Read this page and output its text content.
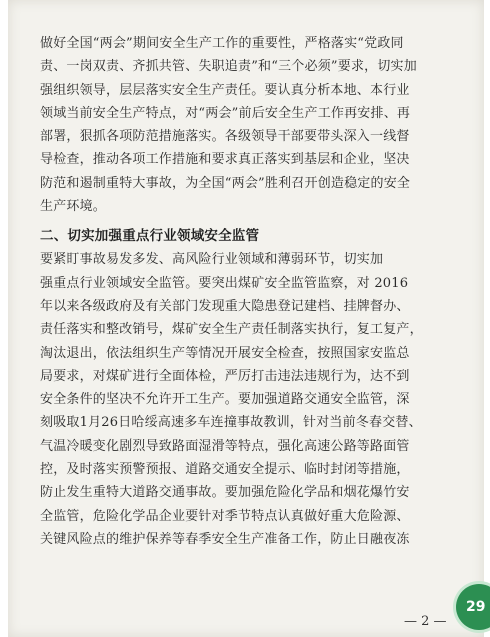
做好全国“两会”期间安全生产工作的重要性，严格落实“党政同
责、一岗双责、齐抓共管、失职追责”和“三个必须”要求，切实加
强组织领导，层层落实安全生产责任。要认真分析本地、本行业
领域当前安全生产特点，对“两会”前后安全生产工作再安排、再
部署，狠抓各项防范措施落实。各级领导干部要带头深入一线督
导检查，推动各项工作措施和要求真正落实到基层和企业，坚决
防范和遏制重特大事故，为全国“两会”胜利召开创造稳定的安全
生产环境。
二、切实加强重点行业领域安全监管
要紧盯事故易发多发、高风险行业领域和薄弱环节，切实加
强重点行业领域安全监管。要突出煤矿安全监管监察，对 2016
年以来各级政府及有关部门发现重大隐患登记建档、挂牌督办、
责任落实和整改销号，煤矿安全生产责任制落实执行，复工复产，
淘汰退出，依法组织生产等情况开展安全检查，按照国家安监总
局要求，对煤矿进行全面体检，严厉打击违法违规行为，达不到
安全条件的坚决不允许开工生产。要加强道路交通安全监管，深
刻吸取1月26日哈绥高速多车连撞事故教训，针对当前冬春交替、
气温冷暖变化剧烈导致路面湿滑等特点，强化高速公路等路面管
控，及时落实预警预报、道路交通安全提示、临时封闭等措施，
防止发生重特大道路交通事故。要加强危险化学品和烟花爆竹安
全监管，危险化学品企业要针对季节特点认真做好重大危险源、
关键风险点的维护保养等春季安全生产准备工作，防止日融夜冻
— 2 —
29
